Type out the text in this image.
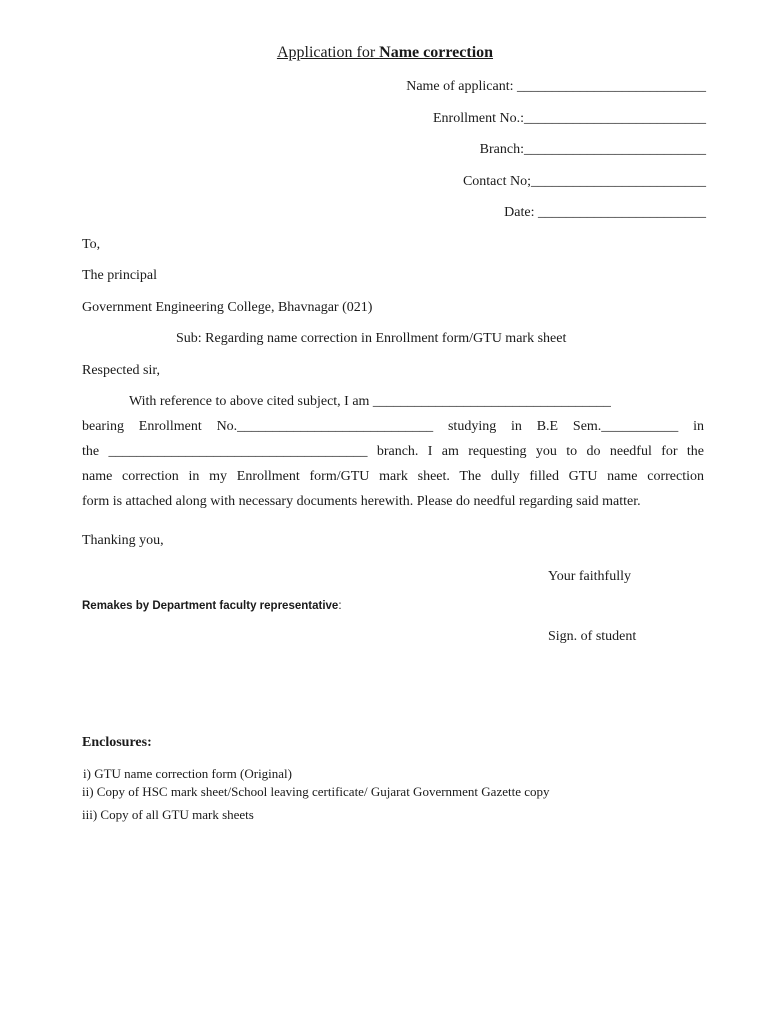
Application for Name correction
Name of applicant: ___________________________
Enrollment No.:__________________________
Branch:__________________________
Contact No;_________________________
Date: ________________________
To,
The principal
Government Engineering College, Bhavnagar (021)
Sub: Regarding name correction in Enrollment form/GTU mark sheet
Respected sir,
With reference to above cited subject, I am __________________________________
bearing Enrollment No.____________________________ studying in B.E Sem.___________ in
the _____________________________________ branch. I am requesting you to do needful for the
name correction in my Enrollment form/GTU mark sheet. The dully filled GTU name correction
form is attached along with necessary documents herewith. Please do needful regarding said matter.
Thanking you,
Your faithfully
Remakes by Department faculty representative:
Sign. of student
Enclosures:
i) GTU name correction form (Original)
ii) Copy of HSC mark sheet/School leaving certificate/ Gujarat Government Gazette copy
iii) Copy of all GTU mark sheets
